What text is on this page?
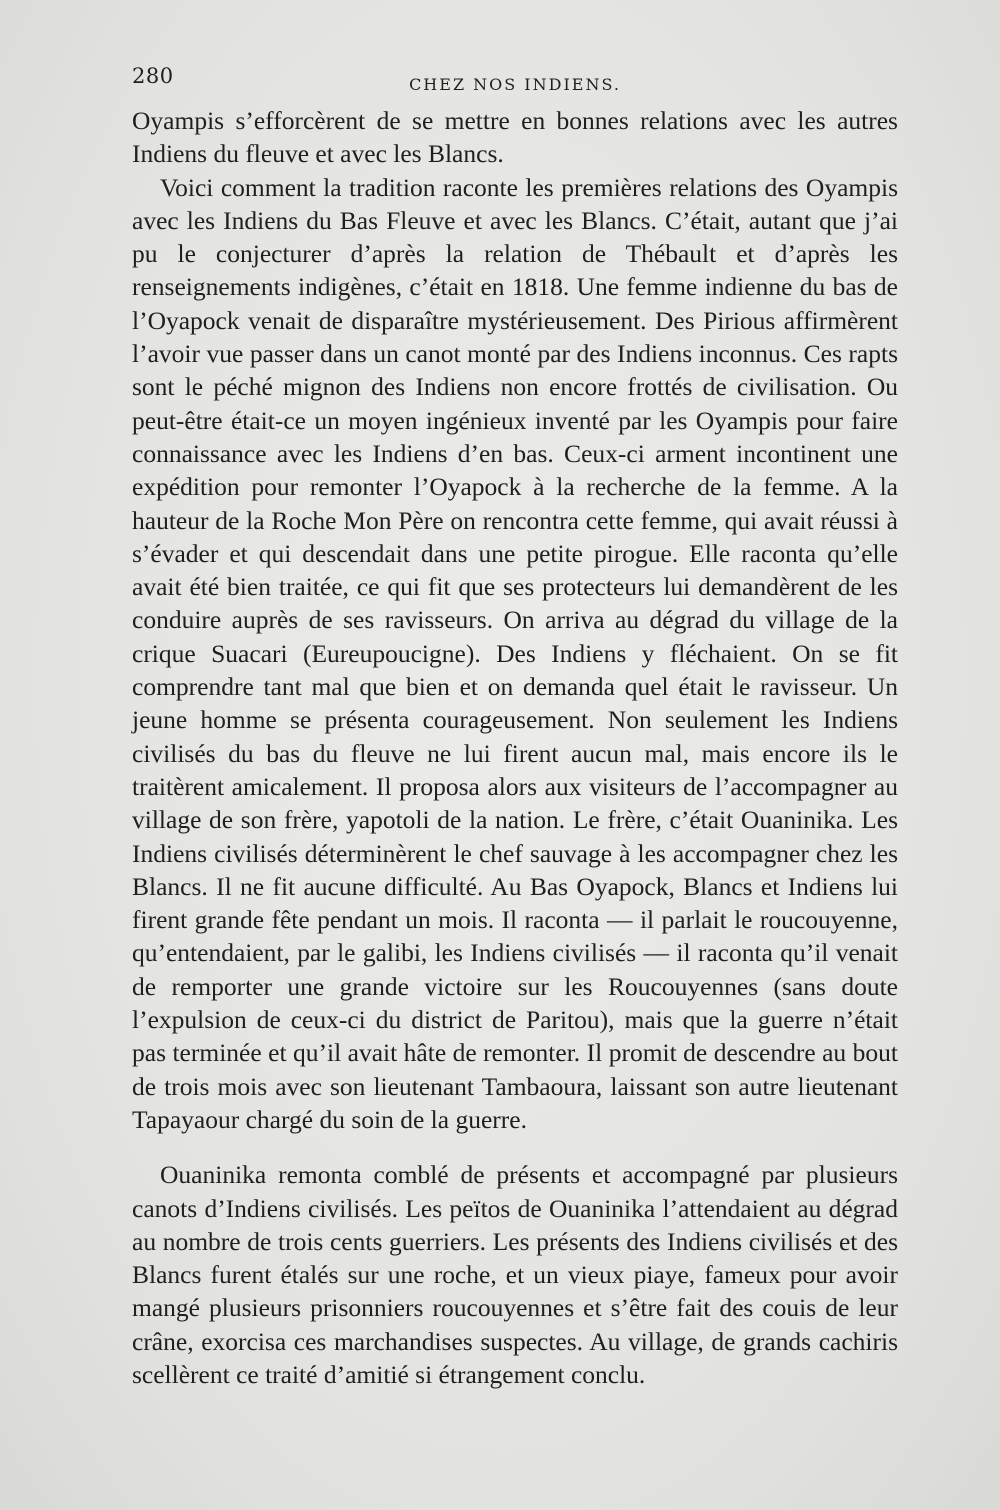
280	CHEZ NOS INDIENS.

Oyampis s’efforcèrent de se mettre en bonnes relations avec les autres Indiens du fleuve et avec les Blancs.

Voici comment la tradition raconte les premières relations des Oyampis avec les Indiens du Bas Fleuve et avec les Blancs. C’était, autant que j’ai pu le conjecturer d’après la relation de Thébault et d’après les renseignements indigènes, c’était en 1818. Une femme indienne du bas de l’Oyapock venait de disparaître mystérieusement. Des Pirious affirmèrent l’avoir vue passer dans un canot monté par des Indiens inconnus. Ces rapts sont le péché mignon des Indiens non encore frottés de civilisation. Ou peut-être était-ce un moyen ingénieux inventé par les Oyampis pour faire connaissance avec les Indiens d’en bas. Ceux-ci arment incontinent une expédition pour remonter l’Oyapock à la recherche de la femme. A la hauteur de la Roche Mon Père on rencontra cette femme, qui avait réussi à s’évader et qui descendait dans une petite pirogue. Elle raconta qu’elle avait été bien traitée, ce qui fit que ses protecteurs lui demandèrent de les conduire auprès de ses ravisseurs. On arriva au dégrad du village de la crique Suacari (Eureupoucigne). Des Indiens y fléchaient. On se fit comprendre tant mal que bien et on demanda quel était le ravisseur. Un jeune homme se présenta courageusement. Non seulement les Indiens civilisés du bas du fleuve ne lui firent aucun mal, mais encore ils le traitèrent amicalement. Il proposa alors aux visiteurs de l’accompagner au village de son frère, yapotoli de la nation. Le frère, c’était Ouaninika. Les Indiens civilisés déterminèrent le chef sauvage à les accompagner chez les Blancs. Il ne fit aucune difficulté. Au Bas Oyapock, Blancs et Indiens lui firent grande fête pendant un mois. Il raconta — il parlait le roucouyenne, qu’entendaient, par le galibi, les Indiens civilisés — il raconta qu’il venait de remporter une grande victoire sur les Roucouyennes (sans doute l’expulsion de ceux-ci du district de Paritou), mais que la guerre n’était pas terminée et qu’il avait hâte de remonter. Il promit de descendre au bout de trois mois avec son lieutenant Tambaoura, laissant son autre lieutenant Tapayaour chargé du soin de la guerre.

Ouaninika remonta comblé de présents et accompagné par plusieurs canots d’Indiens civilisés. Les peïtos de Ouaninika l’attendaient au dégrad au nombre de trois cents guerriers. Les présents des Indiens civilisés et des Blancs furent étalés sur une roche, et un vieux piaye, fameux pour avoir mangé plusieurs prisonniers roucouyennes et s’être fait des couis de leur crâne, exorcisa ces marchandises suspectes. Au village, de grands cachiris scellèrent ce traité d’amitié si étrangement conclu.
